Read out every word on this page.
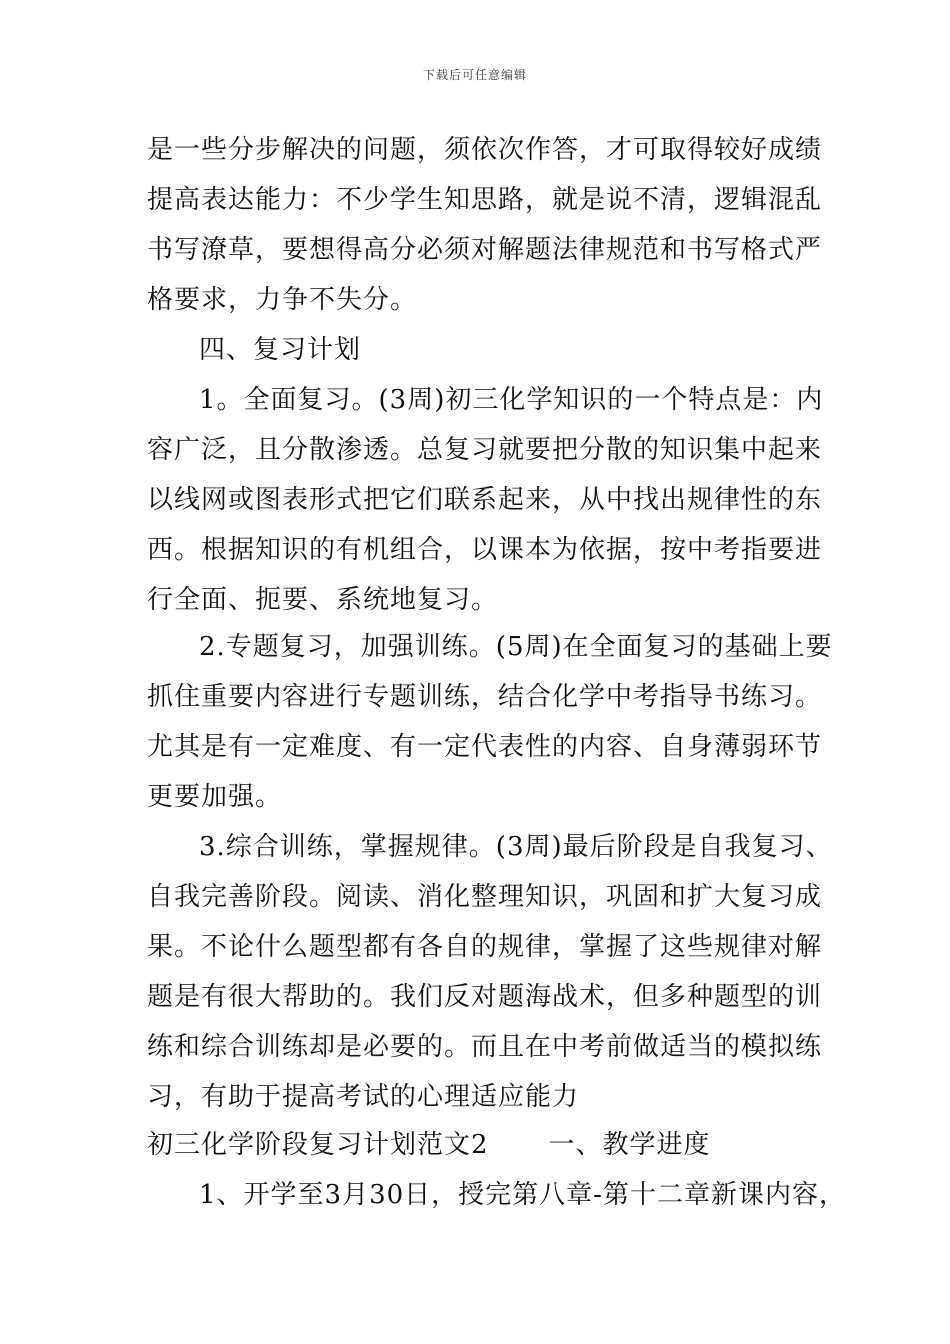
下载后可任意编辑
是一些分步解决的问题，须依次作答，才可取得较好成绩
提高表达能力：不少学生知思路，就是说不清，逻辑混乱
书写潦草，要想得高分必须对解题法律规范和书写格式严
格要求，力争不失分。
四、复习计划
1。全面复习。(3周)初三化学知识的一个特点是：内
容广泛，且分散渗透。总复习就要把分散的知识集中起来
以线网或图表形式把它们联系起来，从中找出规律性的东
西。根据知识的有机组合，以课本为依据，按中考指要进
行全面、扼要、系统地复习。
2.专题复习，加强训练。(5周)在全面复习的基础上要
抓住重要内容进行专题训练，结合化学中考指导书练习。
尤其是有一定难度、有一定代表性的内容、自身薄弱环节
更要加强。
3.综合训练，掌握规律。(3周)最后阶段是自我复习、
自我完善阶段。阅读、消化整理知识，巩固和扩大复习成
果。不论什么题型都有各自的规律，掌握了这些规律对解
题是有很大帮助的。我们反对题海战术，但多种题型的训
练和综合训练却是必要的。而且在中考前做适当的模拟练
习，有助于提高考试的心理适应能力
初三化学阶段复习计划范文2 一、教学进度
1、开学至3月30日，授完第八章-第十二章新课内容，
